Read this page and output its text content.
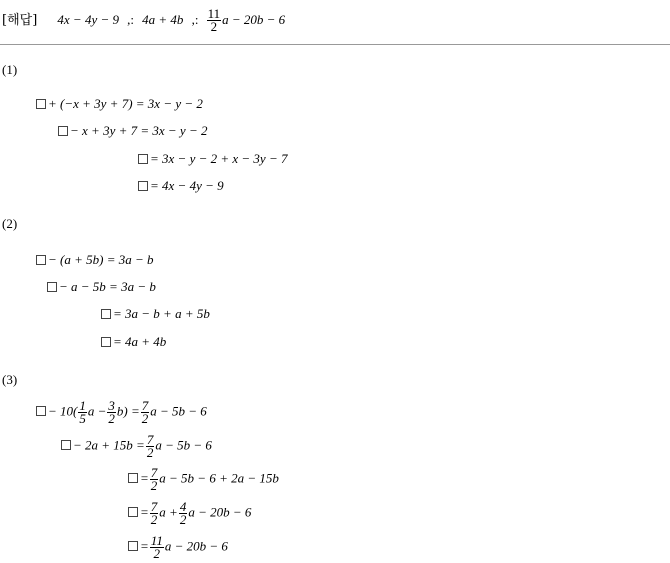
[해답] 4x − 4y − 9 ,: 4a + 4b ,: $\frac{11}{2}$ a − 20b − 6
(1)
+ (−x + 3y + 7) = 3x − y − 2
− x + 3y + 7 = 3x − y − 2
= 3x − y − 2 + x − 3y − 7
= 4x − 4y − 9
(2)
− (a + 5b) = 3a − b
− a − 5b = 3a − b
= 3a − b + a + 5b
= 4a + 4b
(3)
− $10( \frac{1}{5}$ $a - \frac{3}{2} b) = \frac{7}{2}$ a − 5b − 6
− $2a + 15b = \frac{7}{2}$ a − 5b − 6
= $\frac{7}{2}$ a − 5b − 6 + 2a − 15b
= $\frac{7}{2}$ $a + \frac{4}{2}$ a − 20b − 6
= $\frac{11}{2}$ a − 20b − 6
